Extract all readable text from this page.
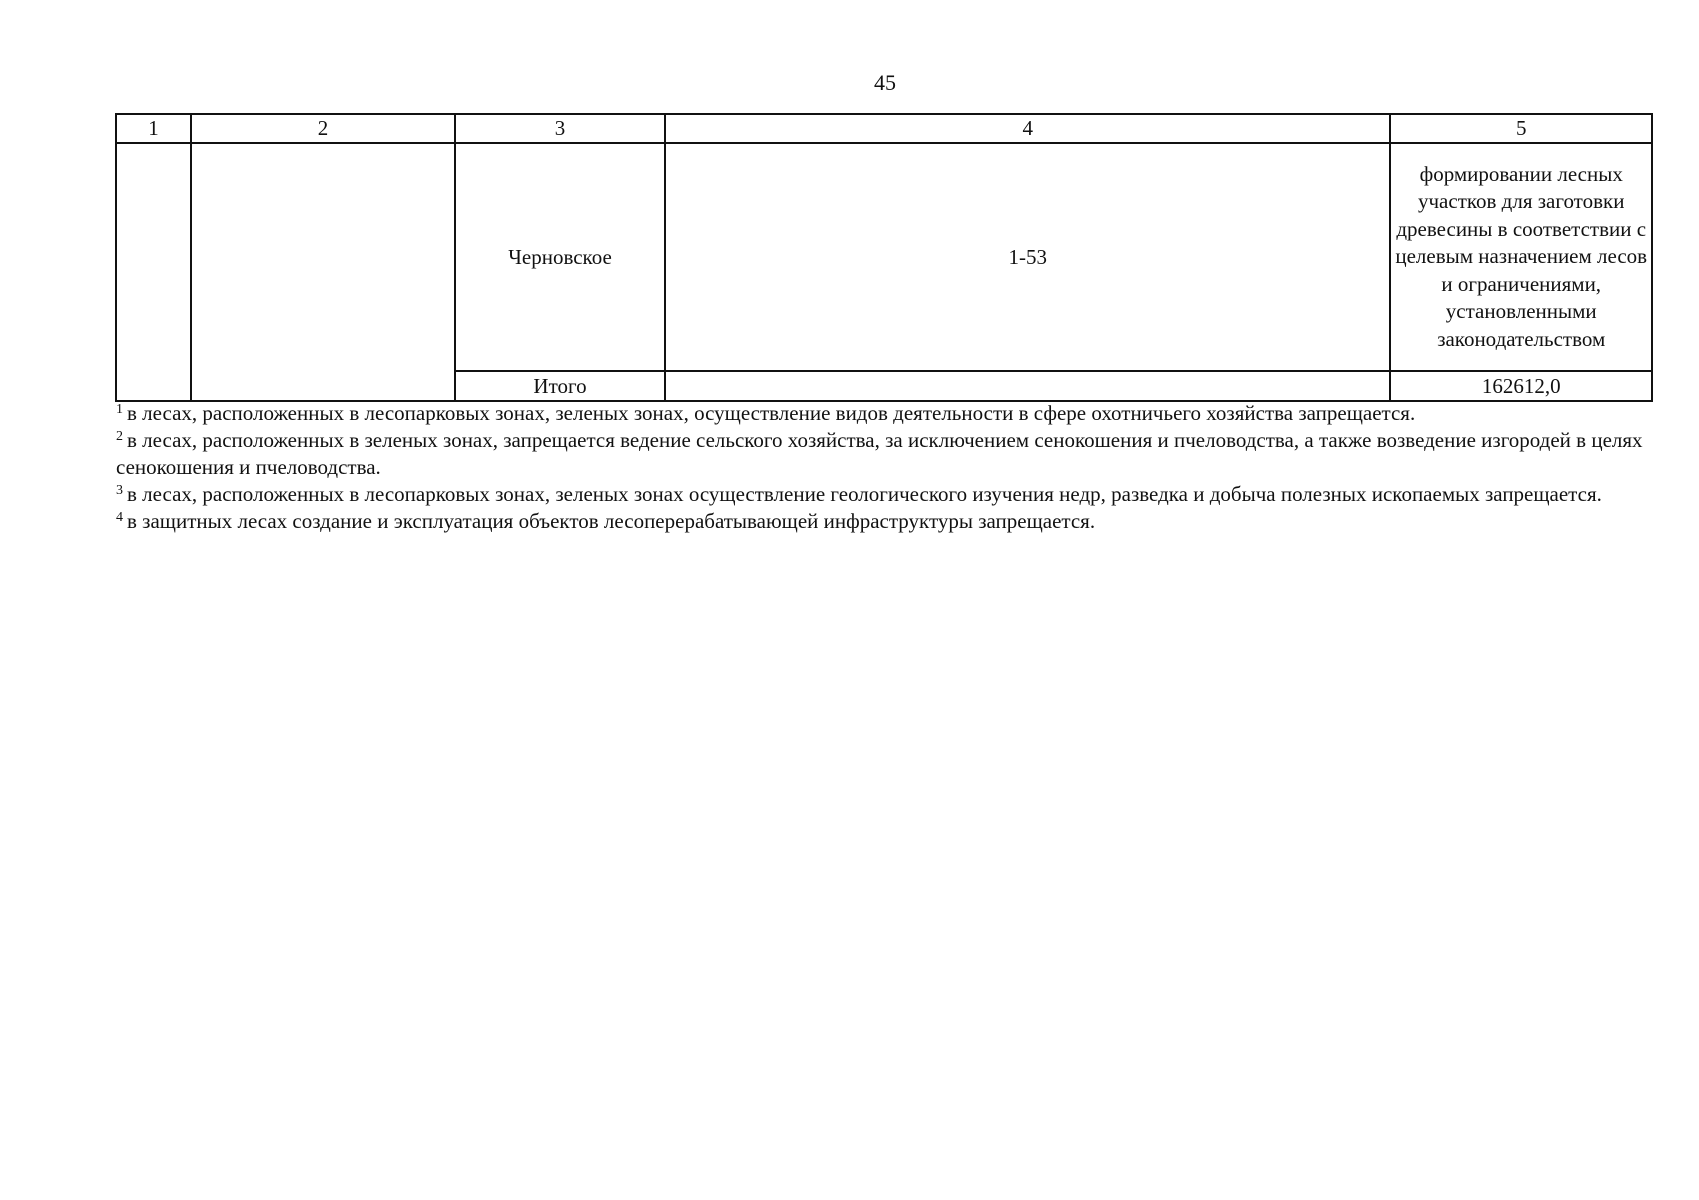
45
1	2	3	4	5
		Черновское	1-53	формировании лесных участков для заготовки древесины в соответствии с целевым назначением лесов и ограничениями, установленными законодательством

		Итого		162612,0

$^1$ в лесах, расположенных в лесопарковых зонах, зеленых зонах, осуществление видов деятельности в сфере охотничьего хозяйства запрещается.

$^2$ в лесах, расположенных в зеленых зонах, запрещается ведение сельского хозяйства, за исключением сенокошения и пчеловодства, а также возведение изгородей в целях сенокошения и пчеловодства.

$^3$ в лесах, расположенных в лесопарковых зонах, зеленых зонах осуществление геологического изучения недр, разведка и добыча полезных ископаемых запрещается.

$^4$ в защитных лесах создание и эксплуатация объектов лесоперерабатывающей инфраструктуры запрещается.
